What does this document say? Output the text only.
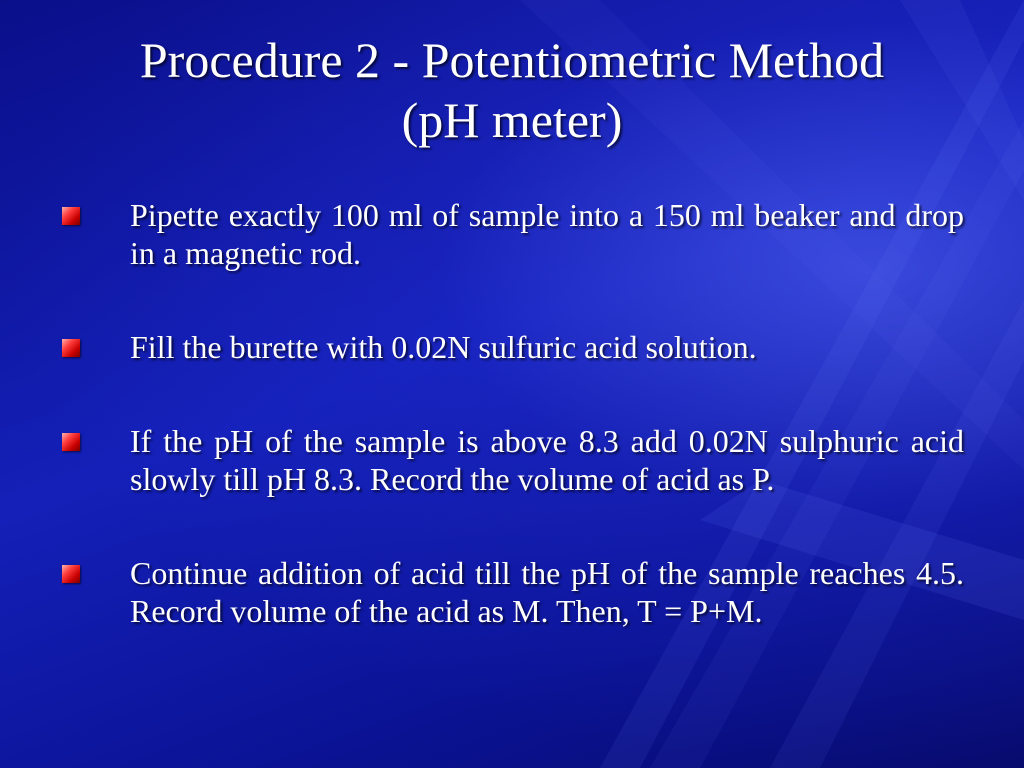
Procedure 2 - Potentiometric Method
(pH meter)
Pipette exactly 100 ml of sample into a 150 ml beaker and drop in a magnetic rod.
Fill the burette with 0.02N sulfuric acid solution.
If the pH of the sample is above 8.3 add 0.02N sulphuric acid slowly till pH 8.3. Record the volume of acid as P.
Continue addition of acid till the pH of the sample reaches 4.5. Record volume of the acid as M. Then, T = P+M.
